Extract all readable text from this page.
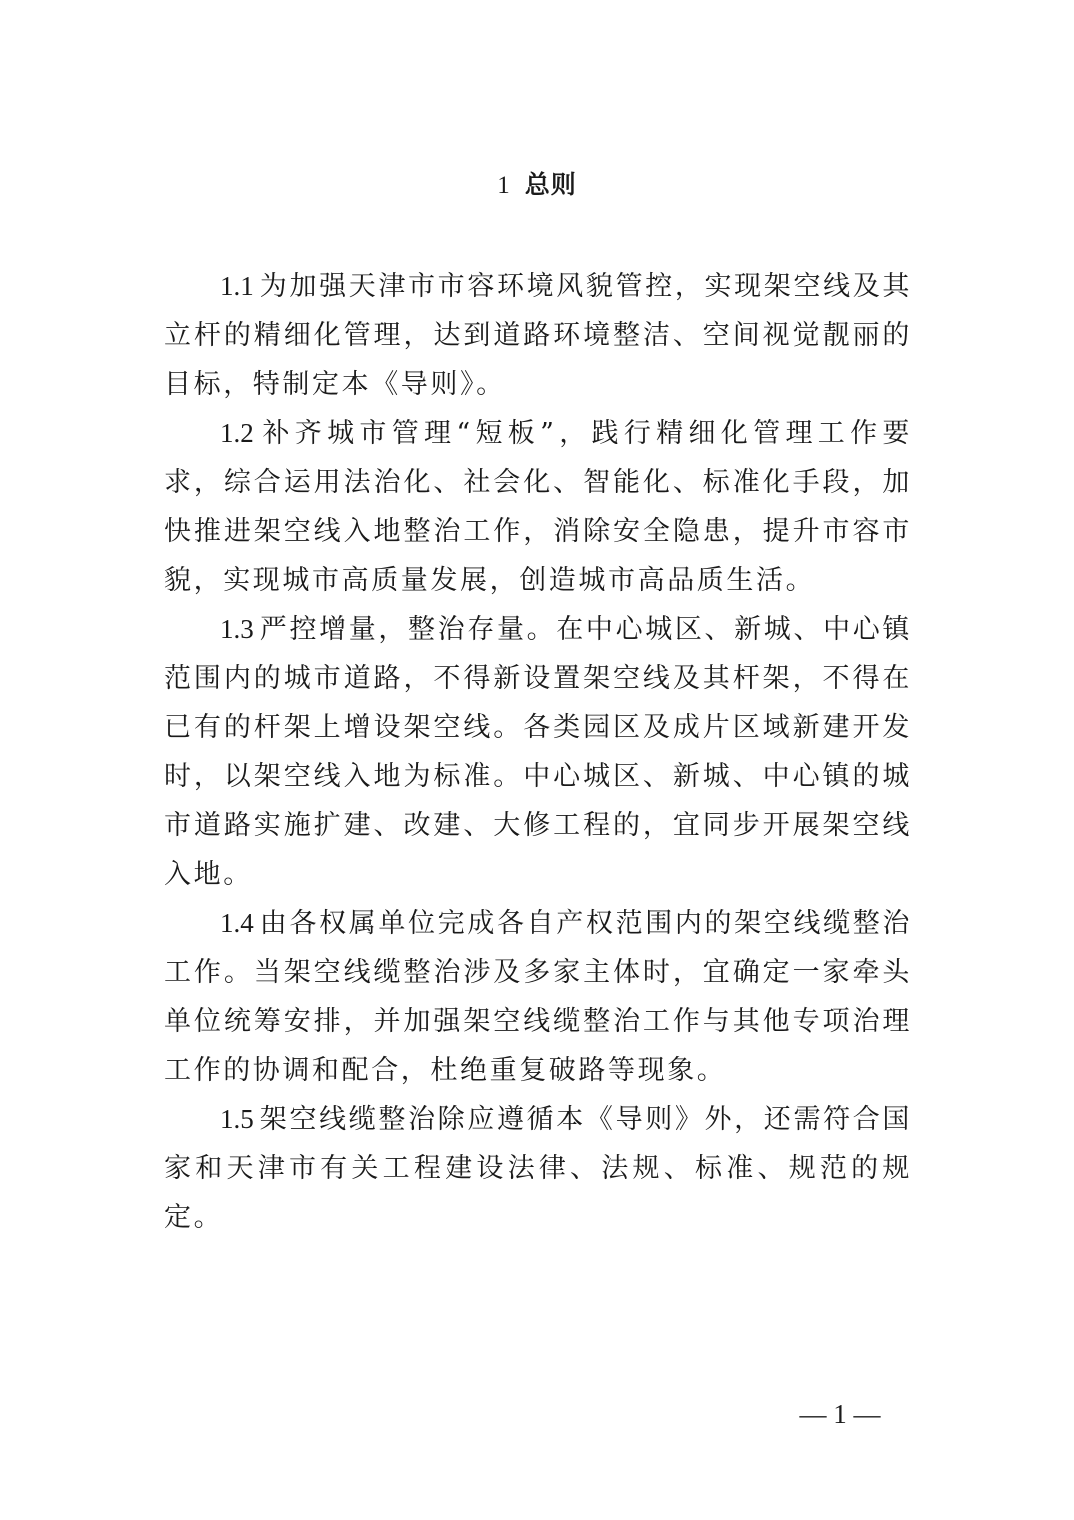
1 总则

1.1 为加强天津市市容环境风貌管控，实现架空线及其立杆的精细化管理，达到道路环境整洁、空间视觉靓丽的目标，特制定本《导则》。

1.2 补齐城市管理“短板”，践行精细化管理工作要求，综合运用法治化、社会化、智能化、标准化手段，加快推进架空线入地整治工作，消除安全隐患，提升市容市貌，实现城市高质量发展，创造城市高品质生活。

1.3 严控增量，整治存量。在中心城区、新城、中心镇范围内的城市道路，不得新设置架空线及其杆架，不得在已有的杆架上增设架空线。各类园区及成片区域新建开发时，以架空线入地为标准。中心城区、新城、中心镇的城市道路实施扩建、改建、大修工程的，宜同步开展架空线入地。

1.4 由各权属单位完成各自产权范围内的架空线缆整治工作。当架空线缆整治涉及多家主体时，宜确定一家牵头单位统筹安排，并加强架空线缆整治工作与其他专项治理工作的协调和配合，杜绝重复破路等现象。

1.5 架空线缆整治除应遵循本《导则》外，还需符合国家和天津市有关工程建设法律、法规、标准、规范的规定。

— 1 —
